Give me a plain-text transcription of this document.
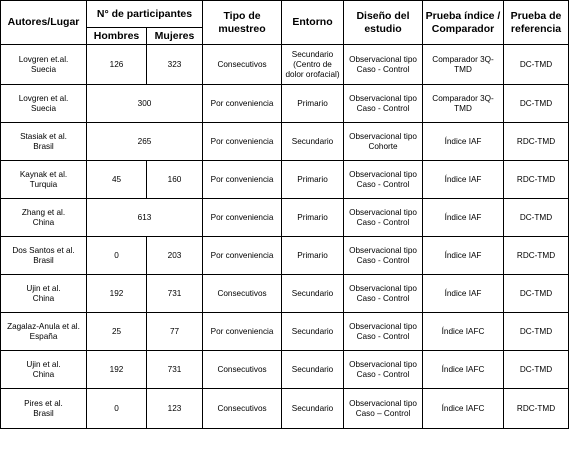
Autores/Lugar	N° de participantes		Tipo de muestreo	Entorno	Diseño del estudio	Prueba índice / Comparador	Prueba de referencia
	Hombres	Mujeres					
Lovgren et.al.
Suecia	126	323	Consecutivos	Secundario (Centro de dolor orofacial)	Observacional tipo Caso - Control	Comparador 3Q-TMD	DC-TMD
Lovgren et al.
Suecia	300		Por conveniencia	Primario	Observacional tipo Caso - Control	Comparador 3Q-TMD	DC-TMD
Stasiak et al.
Brasil	265		Por conveniencia	Secundario	Observacional tipo Cohorte	Índice IAF	RDC-TMD
Kaynak et al.
Turquia	45	160	Por conveniencia	Primario	Observacional tipo Caso - Control	Índice IAF	RDC-TMD
Zhang et al.
China	613		Por conveniencia	Primario	Observacional tipo Caso - Control	Índice IAF	DC-TMD
Dos Santos et al.
Brasil	0	203	Por conveniencia	Primario	Observacional tipo Caso - Control	Índice IAF	RDC-TMD
Ujin et al.
China	192	731	Consecutivos	Secundario	Observacional tipo Caso - Control	Índice IAF	DC-TMD
Zagalaz-Anula et al.
España	25	77	Por conveniencia	Secundario	Observacional tipo Caso - Control	Índice IAFC	DC-TMD
Ujin et al.
China	192	731	Consecutivos	Secundario	Observacional tipo Caso - Control	Índice IAFC	DC-TMD
Pires et al.
Brasil	0	123	Consecutivos	Secundario	Observacional tipo Caso – Control	Índice IAFC	RDC-TMD
